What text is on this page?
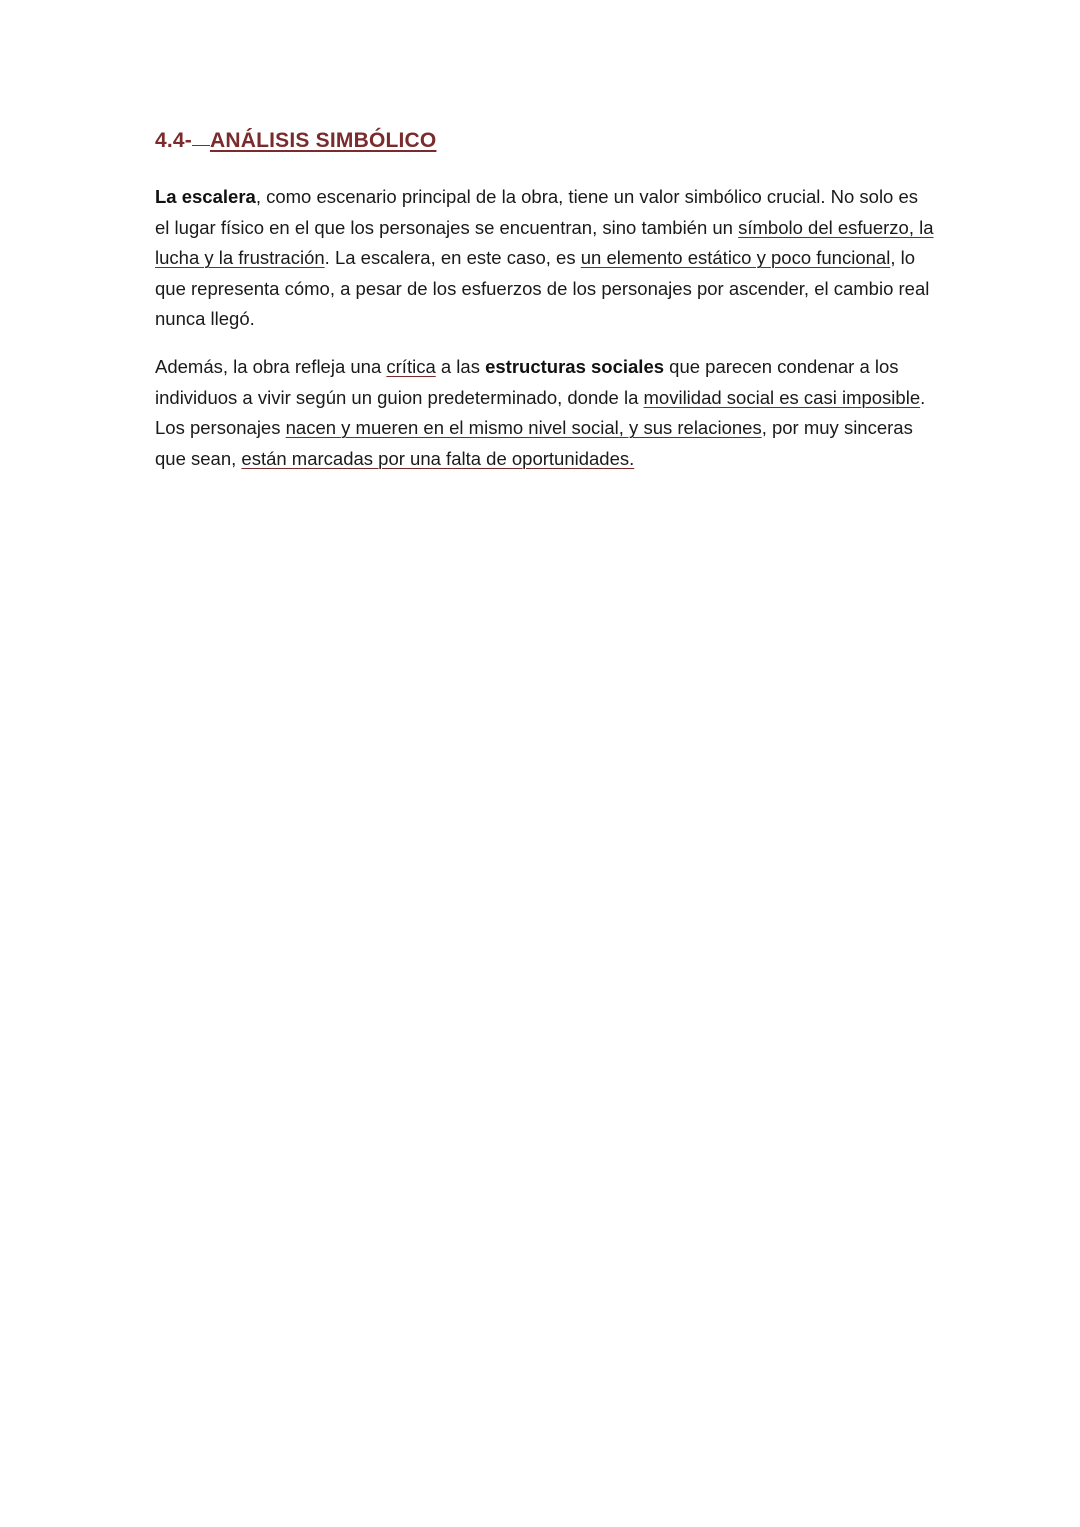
4.4- ANÁLISIS SIMBÓLICO

La escalera, como escenario principal de la obra, tiene un valor simbólico crucial. No solo es el lugar físico en el que los personajes se encuentran, sino también un símbolo del esfuerzo, la lucha y la frustración. La escalera, en este caso, es un elemento estático y poco funcional, lo que representa cómo, a pesar de los esfuerzos de los personajes por ascender, el cambio real nunca llegó.

Además, la obra refleja una crítica a las estructuras sociales que parecen condenar a los individuos a vivir según un guion predeterminado, donde la movilidad social es casi imposible. Los personajes nacen y mueren en el mismo nivel social, y sus relaciones, por muy sinceras que sean, están marcadas por una falta de oportunidades.
